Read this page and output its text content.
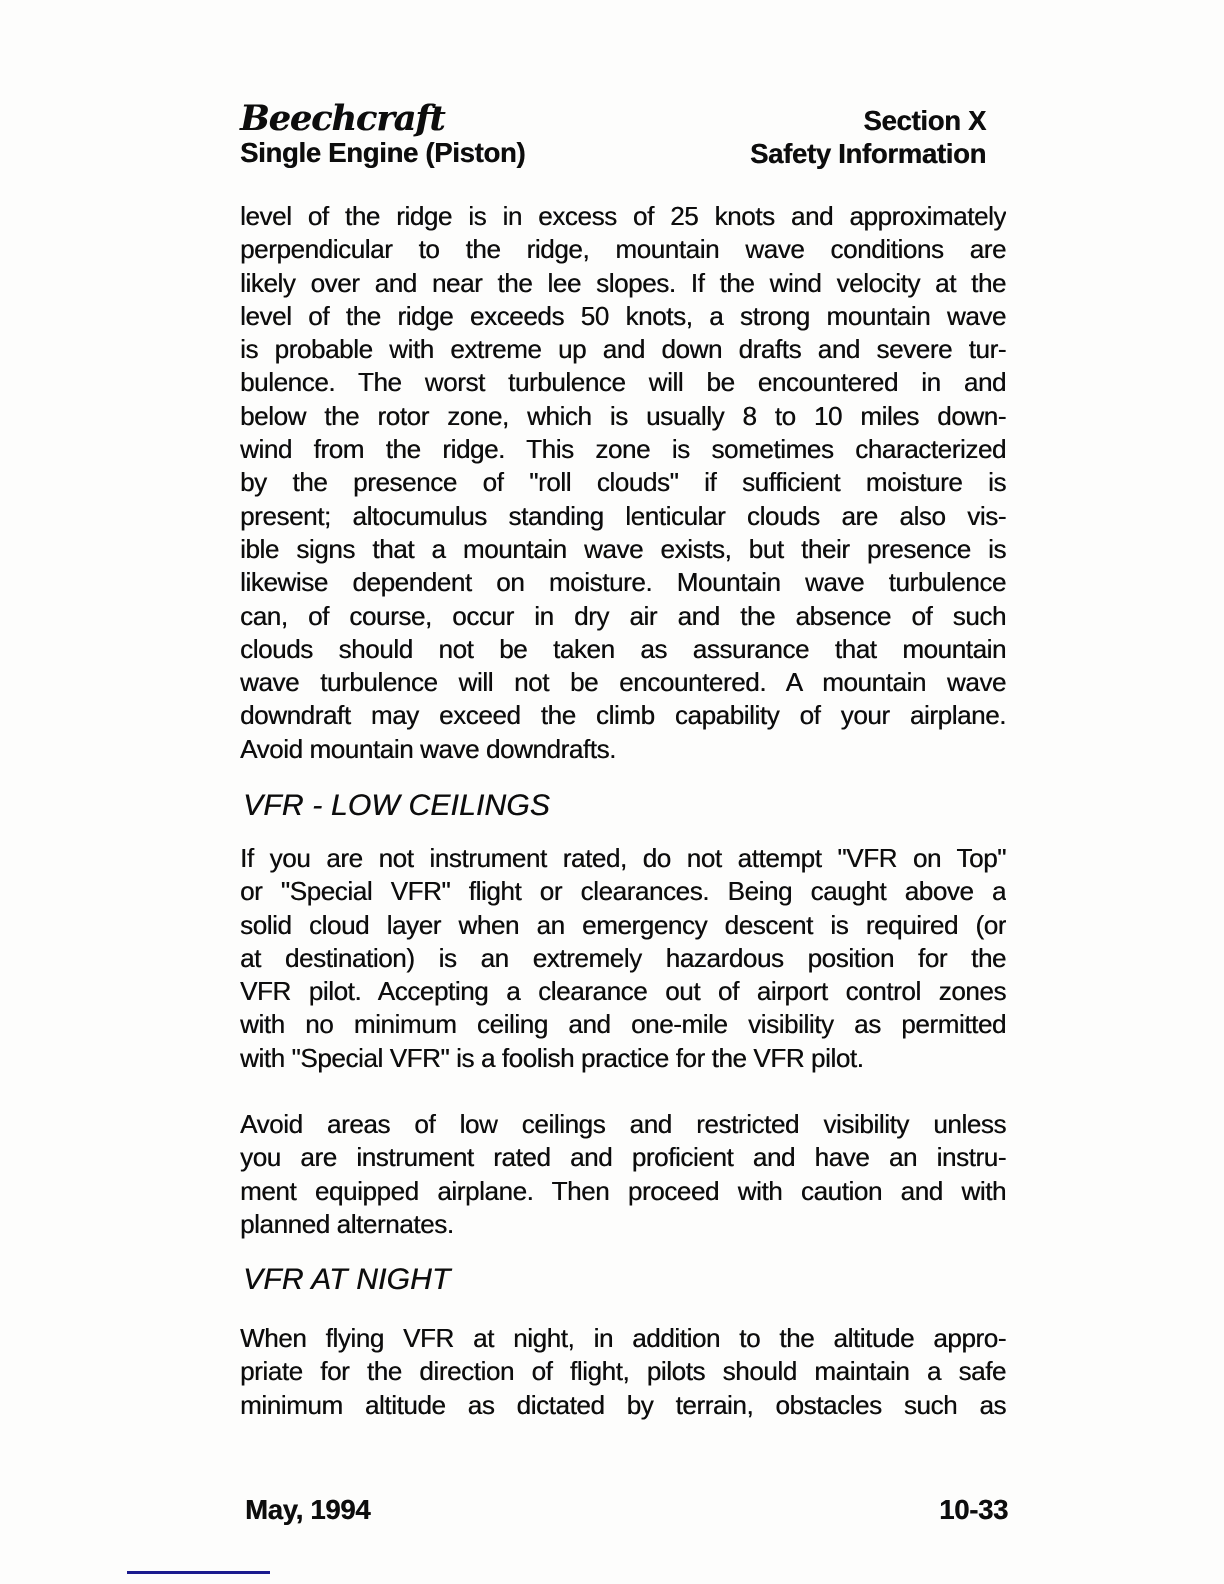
Beechcraft
Single Engine (Piston)
Section X
Safety Information
level of the ridge is in excess of 25 knots and approximately
perpendicular to the ridge, mountain wave conditions are
likely over and near the lee slopes. If the wind velocity at the
level of the ridge exceeds 50 knots, a strong mountain wave
is probable with extreme up and down drafts and severe tur-
bulence. The worst turbulence will be encountered in and
below the rotor zone, which is usually 8 to 10 miles down-
wind from the ridge. This zone is sometimes characterized
by the presence of "roll clouds" if sufficient moisture is
present; altocumulus standing lenticular clouds are also vis-
ible signs that a mountain wave exists, but their presence is
likewise dependent on moisture. Mountain wave turbulence
can, of course, occur in dry air and the absence of such
clouds should not be taken as assurance that mountain
wave turbulence will not be encountered. A mountain wave
downdraft may exceed the climb capability of your airplane.
Avoid mountain wave downdrafts.
VFR - LOW CEILINGS
If you are not instrument rated, do not attempt "VFR on Top"
or "Special VFR" flight or clearances. Being caught above a
solid cloud layer when an emergency descent is required (or
at destination) is an extremely hazardous position for the
VFR pilot. Accepting a clearance out of airport control zones
with no minimum ceiling and one-mile visibility as permitted
with "Special VFR" is a foolish practice for the VFR pilot.
Avoid areas of low ceilings and restricted visibility unless
you are instrument rated and proficient and have an instru-
ment equipped airplane. Then proceed with caution and with
planned alternates.
VFR AT NIGHT
When flying VFR at night, in addition to the altitude appro-
priate for the direction of flight, pilots should maintain a safe
minimum altitude as dictated by terrain, obstacles such as
May, 1994	10-33
